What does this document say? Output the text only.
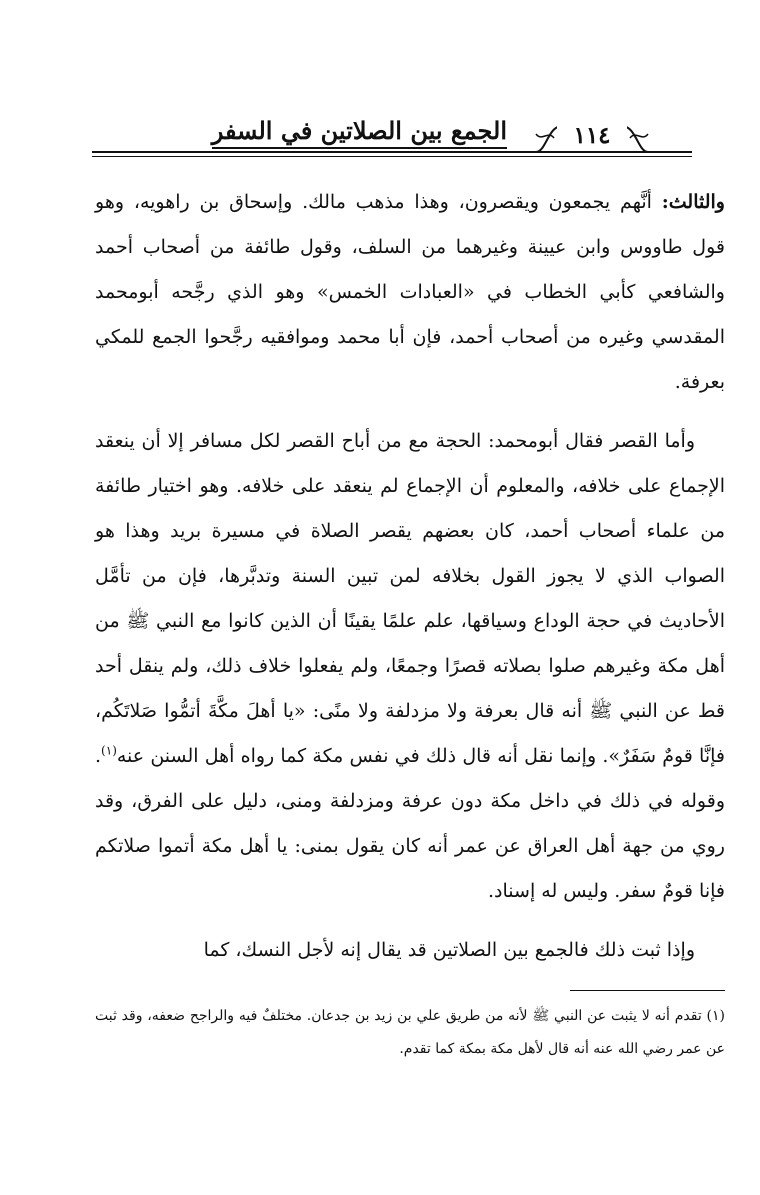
الجمع بين الصلاتين في السفر	١١٤

والثالث: أنَّهم يجمعون ويقصرون، وهذا مذهب مالك. وإسحاق بن راهويه، وهو قول طاووس وابن عيينة وغيرهما من السلف، وقول طائفة من أصحاب أحمد والشافعي كأبي الخطاب في «العبادات الخمس» وهو الذي رجَّحه أبومحمد المقدسي وغيره من أصحاب أحمد، فإن أبا محمد وموافقيه رجَّحوا الجمع للمكي بعرفة.

وأما القصر فقال أبومحمد: الحجة مع من أباح القصر لكل مسافر إلا أن ينعقد الإجماع على خلافه، والمعلوم أن الإجماع لم ينعقد على خلافه. وهو اختيار طائفة من علماء أصحاب أحمد، كان بعضهم يقصر الصلاة في مسيرة بريد وهذا هو الصواب الذي لا يجوز القول بخلافه لمن تبين السنة وتدبَّرها، فإن من تأمَّل الأحاديث في حجة الوداع وسياقها، علم علمًا يقينًا أن الذين كانوا مع النبي ﷺ من أهل مكة وغيرهم صلوا بصلاته قصرًا وجمعًا، ولم يفعلوا خلاف ذلك، ولم ينقل أحد قط عن النبي ﷺ أنه قال بعرفة ولا مزدلفة ولا منًى: «يا أهلَ مكَّةَ أتمُّوا صَلاتَكُم، فإنَّا قومٌ سَفَرٌ». وإنما نقل أنه قال ذلك في نفس مكة كما رواه أهل السنن عنه$^{(١)}$. وقوله في ذلك في داخل مكة دون عرفة ومزدلفة ومنى، دليل على الفرق، وقد روي من جهة أهل العراق عن عمر أنه كان يقول بمنى: يا أهل مكة أتموا صلاتكم فإنا قومٌ سفر. وليس له إسناد.

وإذا ثبت ذلك فالجمع بين الصلاتين قد يقال إنه لأجل النسك، كما

(١) تقدم أنه لا يثبت عن النبي ﷺ لأنه من طريق علي بن زيد بن جدعان. مختلفٌ فيه والراجح ضعفه، وقد ثبت عن عمر رضي الله عنه أنه قال لأهل مكة بمكة كما تقدم.
